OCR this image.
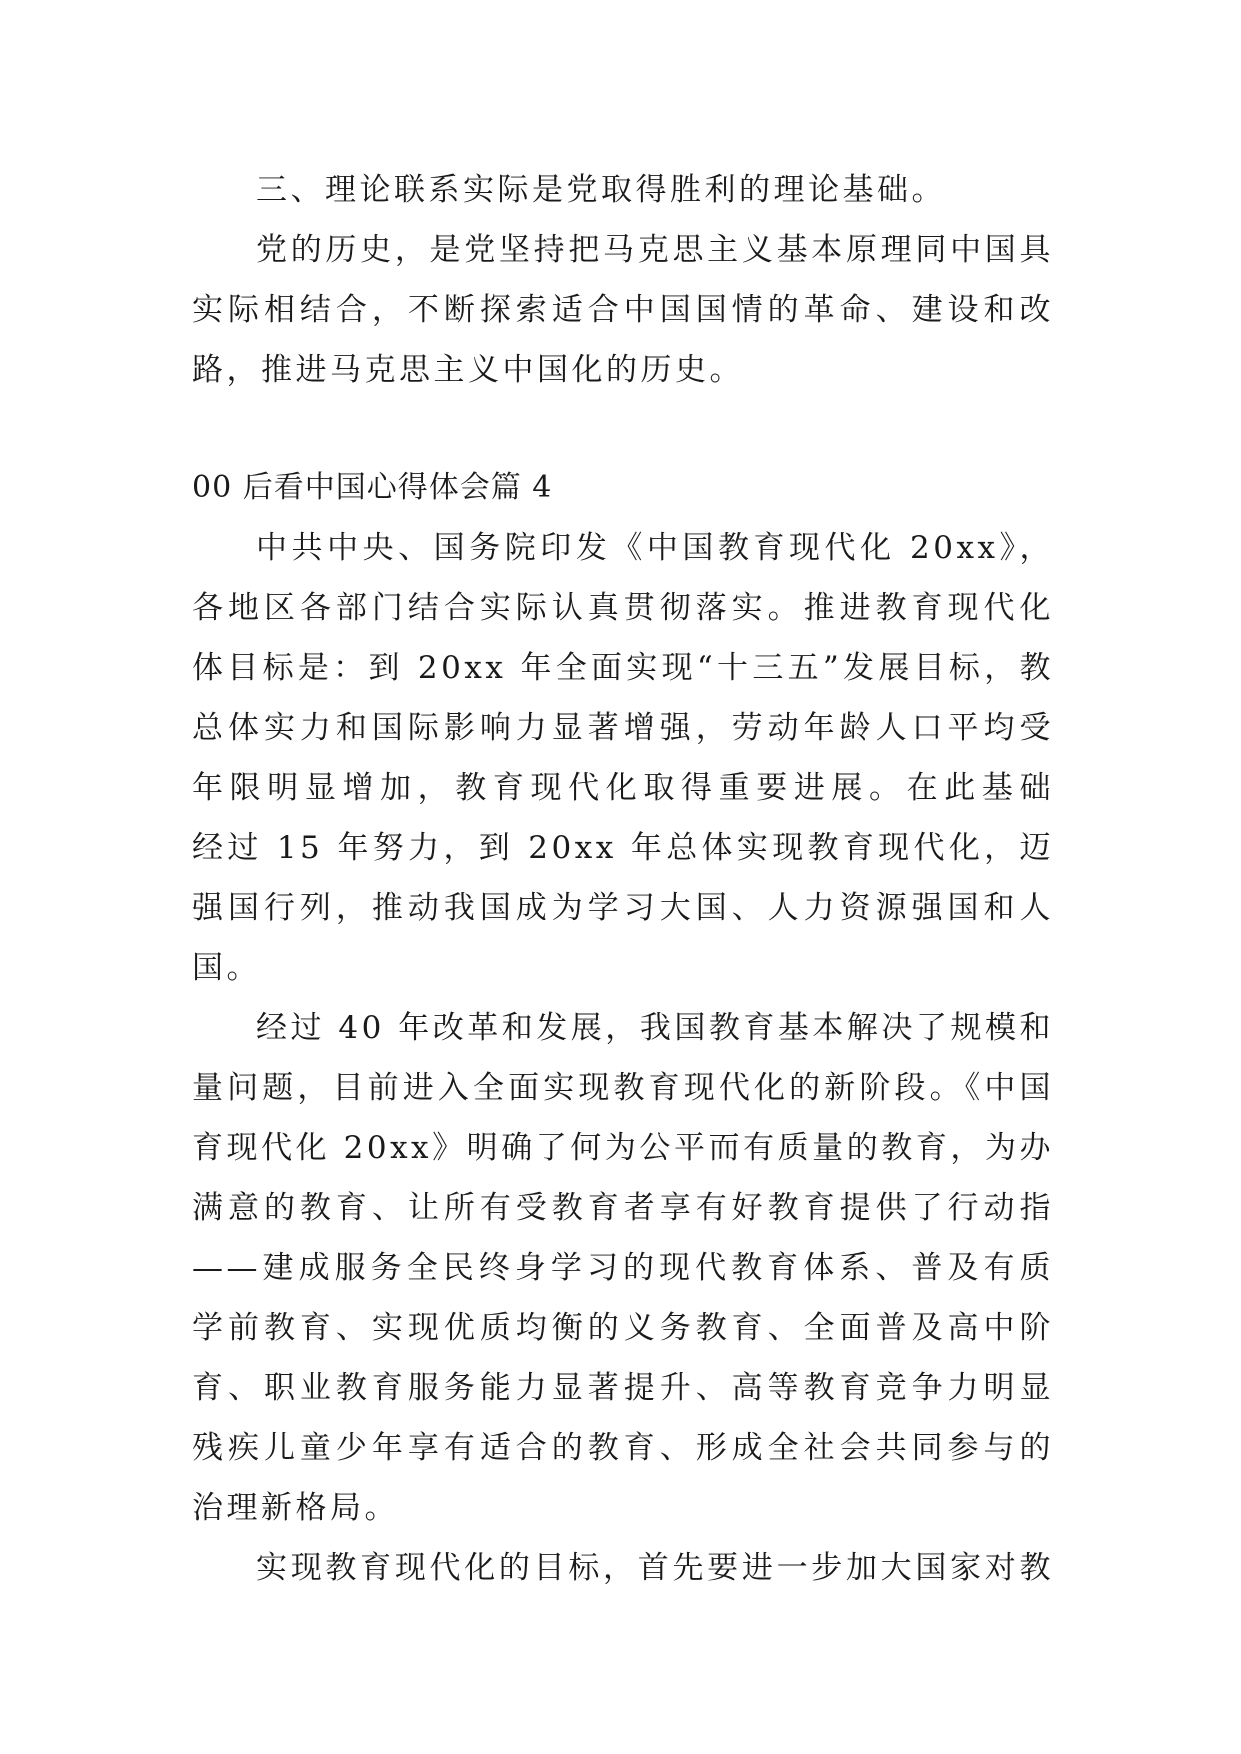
三、理论联系实际是党取得胜利的理论基础。
党的历史，是党坚持把马克思主义基本原理同中国具
实际相结合，不断探索适合中国国情的革命、建设和改
路，推进马克思主义中国化的历史。
00 后看中国心得体会篇 4
中共中央、国务院印发《中国教育现代化 20xx》，
各地区各部门结合实际认真贯彻落实。推进教育现代化
体目标是：到 20xx 年全面实现“十三五”发展目标，教
总体实力和国际影响力显著增强，劳动年龄人口平均受
年限明显增加，教育现代化取得重要进展。在此基础
经过 15 年努力，到 20xx 年总体实现教育现代化，迈
强国行列，推动我国成为学习大国、人力资源强国和人
国。
经过 40 年改革和发展，我国教育基本解决了规模和
量问题，目前进入全面实现教育现代化的新阶段。《中国
育现代化 20xx》明确了何为公平而有质量的教育，为办
满意的教育、让所有受教育者享有好教育提供了行动指
——建成服务全民终身学习的现代教育体系、普及有质
学前教育、实现优质均衡的义务教育、全面普及高中阶
育、职业教育服务能力显著提升、高等教育竞争力明显
残疾儿童少年享有适合的教育、形成全社会共同参与的
治理新格局。
实现教育现代化的目标，首先要进一步加大国家对教
